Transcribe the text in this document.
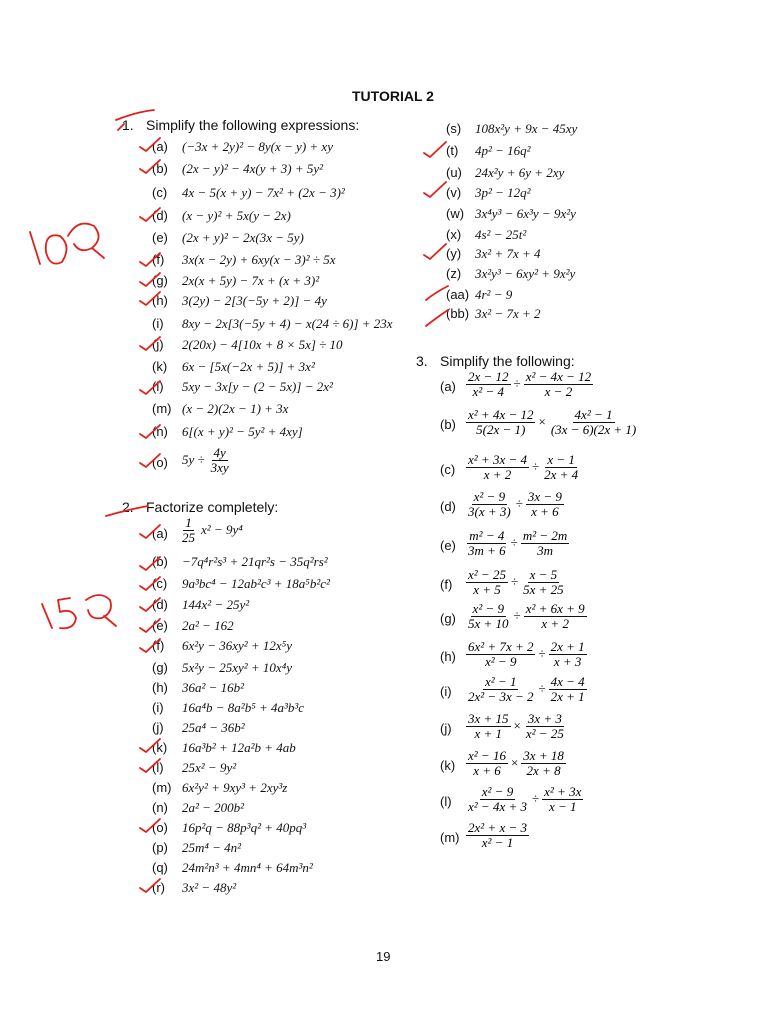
TUTORIAL 2
1. Simplify the following expressions:
(a) (−3x + 2y)² − 8y(x − y) + xy
(b) (2x − y)² − 4x(y + 3) + 5y²
(c) 4x − 5(x + y) − 7x² + (2x − 3)²
(d) (x − y)² + 5x(y − 2x)
(e) (2x + y)² − 2x(3x − 5y)
(f) 3x(x − 2y) + 6xy(x − 3)² ÷ 5x
(g) 2x(x + 5y) − 7x + (x + 3)²
(h) 3(2y) − 2[3(−5y + 2)] − 4y
(i) 8xy − 2x[3(−5y + 4) − x(24 ÷ 6)] + 23x
(j) 2(20x) − 4[10x + 8 × 5x] ÷ 10
(k) 6x − [5x(−2x + 5)] + 3x²
(l) 5xy − 3x[y − (2 − 5x)] − 2x²
(m) (x − 2)(2x − 1) + 3x
(n) 6[(x + y)² − 5y² + 4xy]
(o) $5y \div \frac{4y}{3xy}$
2. Factorize completely:
$(a) \frac{1}{25} x^2 - 9y^4$
(b) −7q⁴r²s³ + 21qr²s − 35q²rs²
(c) 9a³bc⁴ − 12ab²c³ + 18a⁵b²c²
(d) 144x² − 25y²
(e) 2a² − 162
(f) 6x²y − 36xy² + 12x⁵y
(g) 5x²y − 25xy² + 10x⁴y
(h) 36a² − 16b²
(i) 16a⁴b − 8a²b⁵ + 4a³b³c
(j) 25a⁴ − 36b²
(k) 16a³b² + 12a²b + 4ab
(l) 25x² − 9y²
(m) 6x²y² + 9xy³ + 2xy³z
(n) 2a² − 200b²
(o) 16p²q − 88p³q² + 40pq³
(p) 25m⁴ − 4n²
(q) 24m²n³ + 4mn⁴ + 64m³n²
(r) 3x² − 48y²
(s) 108x²y + 9x − 45xy
(t) 4p² − 16q²
(u) 24x²y + 6y + 2xy
(v) 3p² − 12q²
(w) 3x⁴y³ − 6x³y − 9x²y
(x) 4s² − 25t²
(y) 3x² + 7x + 4
(z) 3x²y³ − 6xy² + 9x²y
(aa) 4r² − 9
(bb) 3x² − 7x + 2
3. Simplify the following:
$(a) \frac{2x - 12}{\text{x² − 4}} \div \frac{\text{x² − 4x − 12}}{x - 2}$
$(b) \frac{\text{x² + 4x − 12}}{5(2x - 1)} \times \frac{\text{4x² − 1}}{(3x - 6)(2x + 1)}$
$(c) \frac{\text{x² + 3x − 4}}{x + 2} \div \frac{x - 1}{2x + 4}$
$(d) \frac{\text{x² − 9}}{3(x + 3)} \div \frac{3x - 9}{x + 6}$
$(e) \frac{\text{m² − 4}}{3m + 6} \div \frac{\text{m² − 2m}}{3m}$
$(f) \frac{\text{x² − 25}}{x + 5} \div \frac{x - 5}{5x + 25}$
$(g) \frac{\text{x² − 9}}{5x + 10} \div \frac{\text{x² + 6x + 9}}{x + 2}$
$(h) \frac{\text{6x² + 7x + 2}}{\text{x² − 9}} \div \frac{2x + 1}{x + 3}$
$(i) \frac{\text{x² − 1}}{\text{2x² − 3x − 2}} \div \frac{4x - 4}{2x + 1}$
$(j) \frac{3x + 15}{x + 1} \times \frac{3x + 3}{\text{x² − 25}}$
$(k) \frac{\text{x² − 16}}{x + 6} \times \frac{3x + 18}{2x + 8}$
$(l) \frac{\text{x² − 9}}{\text{x² − 4x + 3}} \div \frac{\text{x² + 3x}}{x - 1}$
$(m) \frac{\text{2x² + x − 3}}{\text{x² − 1}}$
19
